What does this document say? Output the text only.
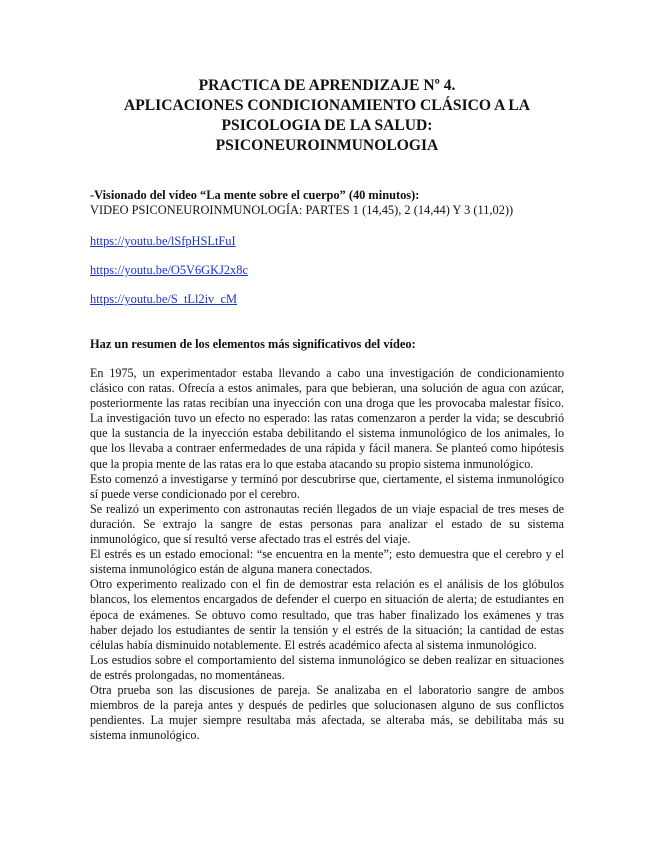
PRACTICA DE APRENDIZAJE Nº 4.
APLICACIONES CONDICIONAMIENTO CLÁSICO A LA
PSICOLOGIA DE LA SALUD:
PSICONEUROINMUNOLOGIA
-Visionado del vídeo “La mente sobre el cuerpo” (40 minutos):
VIDEO PSICONEUROINMUNOLOGÍA: PARTES 1 (14,45), 2 (14,44) Y 3 (11,02))
https://youtu.be/lSfpHSLtFuI
https://youtu.be/O5V6GKJ2x8c
https://youtu.be/S_tLl2iv_cM
Haz un resumen de los elementos más significativos del vídeo:

En 1975, un experimentador estaba llevando a cabo una investigación de condicionamiento clásico con ratas. Ofrecía a estos animales, para que bebieran, una solución de agua con azúcar, posteriormente las ratas recibían una inyección con una droga que les provocaba malestar físico. La investigación tuvo un efecto no esperado: las ratas comenzaron a perder la vida; se descubrió que la sustancia de la inyección estaba debilitando el sistema inmunológico de los animales, lo que los llevaba a contraer enfermedades de una rápida y fácil manera. Se planteó como hipótesis que la propia mente de las ratas era lo que estaba atacando su propio sistema inmunológico.

Esto comenzó a investigarse y terminó por descubrirse que, ciertamente, el sistema inmunológico sí puede verse condicionado por el cerebro.

Se realizó un experimento con astronautas recién llegados de un viaje espacial de tres meses de duración. Se extrajo la sangre de estas personas para analizar el estado de su sistema inmunológico, que sí resultó verse afectado tras el estrés del viaje.

El estrés es un estado emocional: “se encuentra en la mente”; esto demuestra que el cerebro y el sistema inmunológico están de alguna manera conectados.

Otro experimento realizado con el fin de demostrar esta relación es el análisis de los glóbulos blancos, los elementos encargados de defender el cuerpo en situación de alerta; de estudiantes en época de exámenes. Se obtuvo como resultado, que tras haber finalizado los exámenes y tras haber dejado los estudiantes de sentir la tensión y el estrés de la situación; la cantidad de estas células había disminuido notablemente. El estrés académico afecta al sistema inmunológico.

Los estudios sobre el comportamiento del sistema inmunológico se deben realizar en situaciones de estrés prolongadas, no momentáneas.

Otra prueba son las discusiones de pareja. Se analizaba en el laboratorio sangre de ambos miembros de la pareja antes y después de pedirles que solucionasen alguno de sus conflictos pendientes. La mujer siempre resultaba más afectada, se alteraba más, se debilitaba más su sistema inmunológico.
